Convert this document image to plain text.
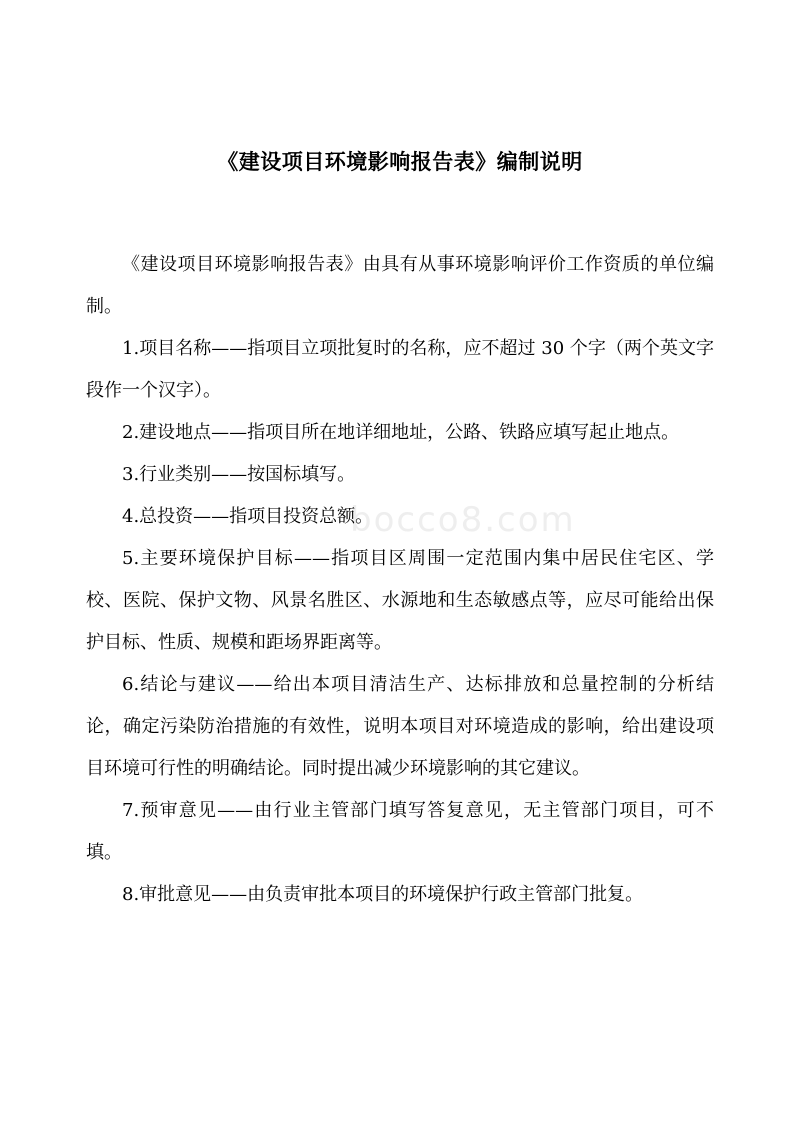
bocco8.com
《建设项目环境影响报告表》编制说明

《建设项目环境影响报告表》由具有从事环境影响评价工作资质的单位编制。

1.项目名称——指项目立项批复时的名称，应不超过 30 个字（两个英文字段作一个汉字）。

2.建设地点——指项目所在地详细地址，公路、铁路应填写起止地点。

3.行业类别——按国标填写。

4.总投资——指项目投资总额。

5.主要环境保护目标——指项目区周围一定范围内集中居民住宅区、学校、医院、保护文物、风景名胜区、水源地和生态敏感点等，应尽可能给出保护目标、性质、规模和距场界距离等。

6.结论与建议——给出本项目清洁生产、达标排放和总量控制的分析结论，确定污染防治措施的有效性，说明本项目对环境造成的影响，给出建设项目环境可行性的明确结论。同时提出减少环境影响的其它建议。

7.预审意见——由行业主管部门填写答复意见，无主管部门项目，可不填。

8.审批意见——由负责审批本项目的环境保护行政主管部门批复。
